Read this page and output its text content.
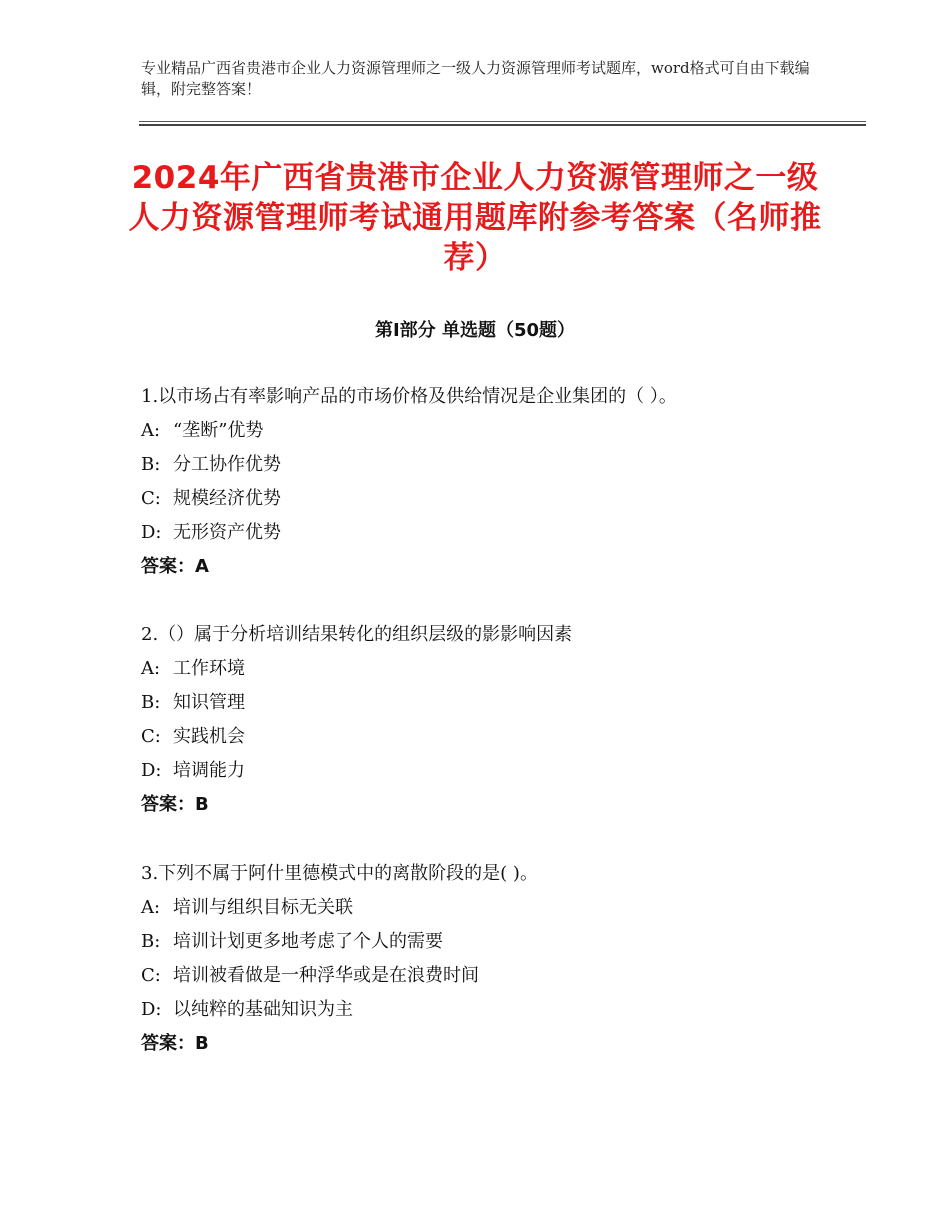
专业精品广西省贵港市企业人力资源管理师之一级人力资源管理师考试题库，word格式可自由下载编辑，附完整答案！
2024年广西省贵港市企业人力资源管理师之一级人力资源管理师考试通用题库附参考答案（名师推荐）
第Ⅰ部分 单选题（50题）
1.以市场占有率影响产品的市场价格及供给情况是企业集团的（ ）。
A: “垄断”优势
B: 分工协作优势
C: 规模经济优势
D: 无形资产优势
答案：A
2.（）属于分析培训结果转化的组织层级的影影响因素
A: 工作环境
B: 知识管理
C: 实践机会
D: 培调能力
答案：B
3.下列不属于阿什里德模式中的离散阶段的是( )。
A: 培训与组织目标无关联
B: 培训计划更多地考虑了个人的需要
C: 培训被看做是一种浮华或是在浪费时间
D: 以纯粹的基础知识为主
答案：B
